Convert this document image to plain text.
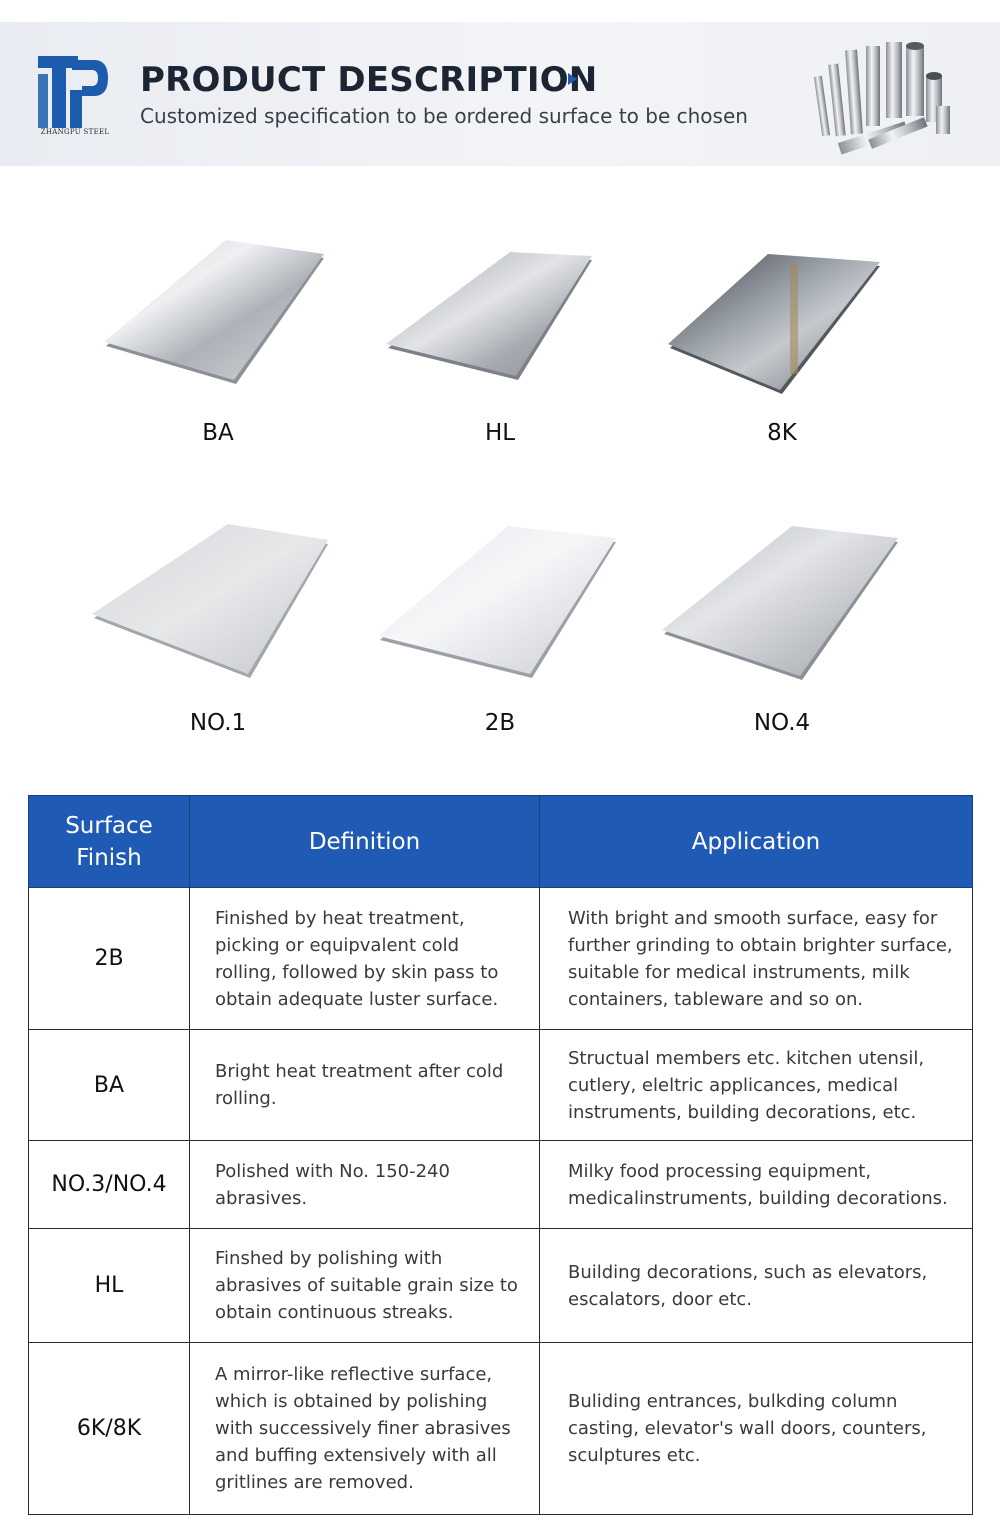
ZHANGPU STEEL
PRODUCT DESCRIPTION
Customized specification to be ordered surface to be chosen
BA	HL	8K
NO.1	2B	NO.4
Surface Finish	Definition	Application
2B	Finished by heat treatment, picking or equipvalent cold rolling, followed by skin pass to obtain adequate luster surface.	With bright and smooth surface, easy for further grinding to obtain brighter surface, suitable for medical instruments, milk containers, tableware and so on.
BA	Bright heat treatment after cold rolling.	Structual members etc. kitchen utensil, cutlery, eleltric applicances, medical instruments, building decorations, etc.
NO.3/NO.4	Polished with No. 150-240 abrasives.	Milky food processing equipment, medicalinstruments, building decorations.
HL	Finshed by polishing with abrasives of suitable grain size to obtain continuous streaks.	Building decorations, such as elevators, escalators, door etc.
6K/8K	A mirror-like reflective surface, which is obtained by polishing with successively finer abrasives and buffing extensively with all gritlines are removed.	Buliding entrances, bulkding column casting, elevator's wall doors, counters, sculptures etc.
